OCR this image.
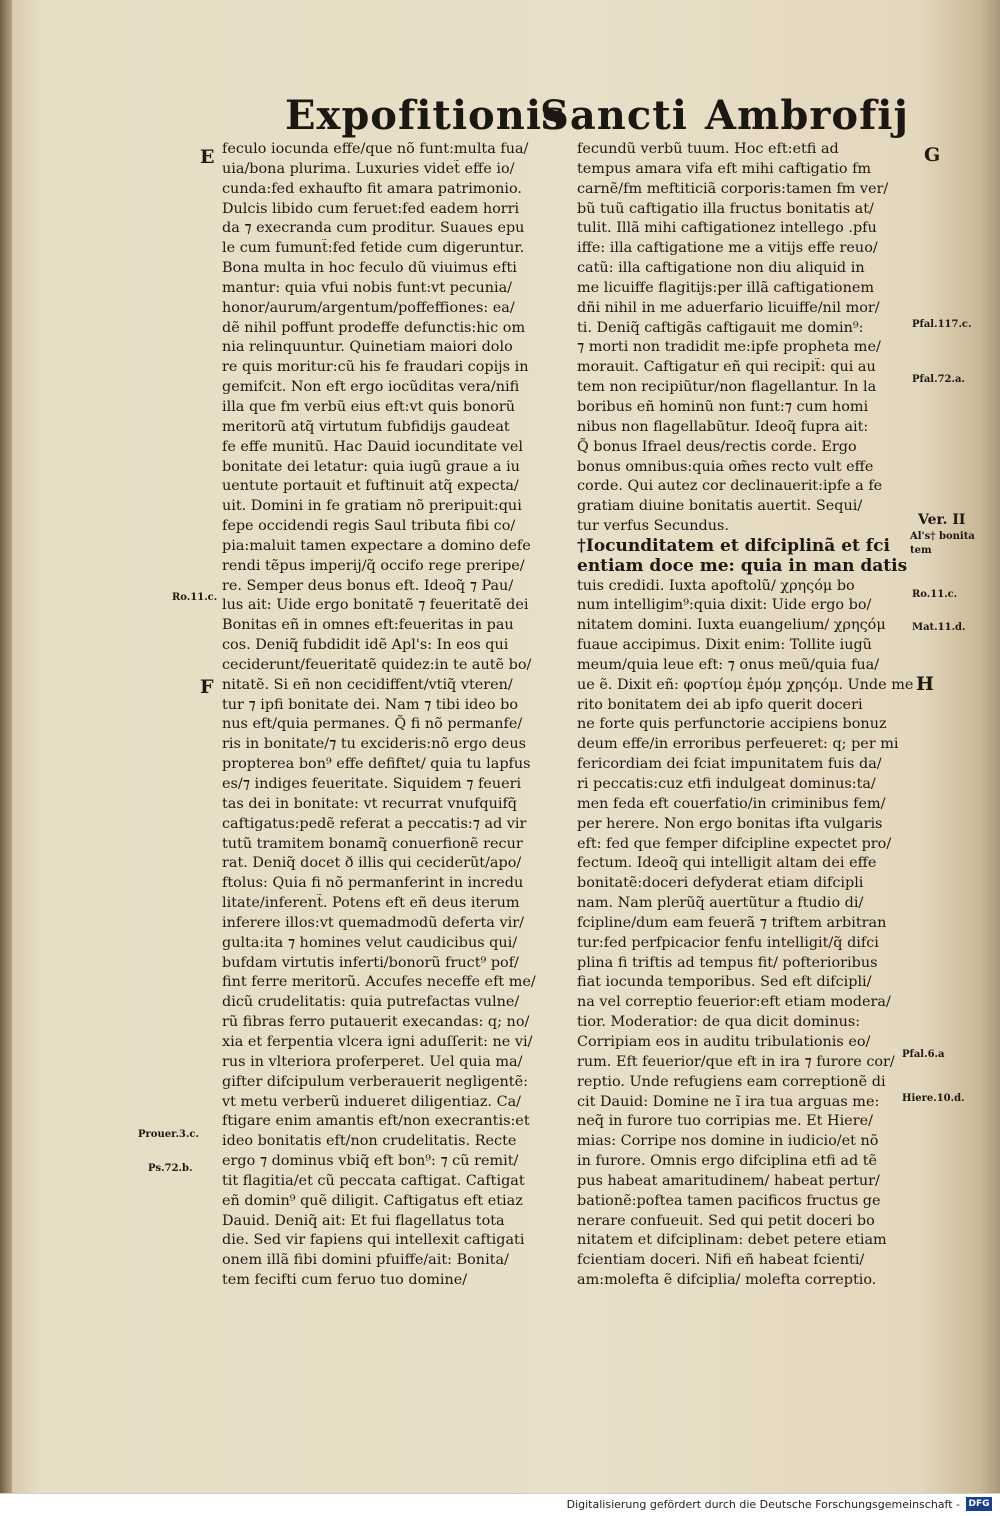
Expofitionis
Sancti Ambrofij
feculo iocunda effe/que nõ funt:multa fua/
uia/bona plurima. Luxuries videt̃ effe io/
cunda:fed exhaufto fit amara patrimonio.
Dulcis libido cum feruet:fed eadem horri
da ⁊ execranda cum proditur. Suaues epu
le cum fumunt̃:fed fetide cum digeruntur.
Bona multa in hoc feculo dũ viuimus efti
mantur: quia vfui nobis funt:vt pecunia/
honor/aurum/argentum/poffeffiones: ea/
dẽ nihil poffunt prodeffe defunctis:hic om
nia relinquuntur. Quinetiam maiori dolo
re quis moritur:cũ his fe fraudari copijs in
gemifcit. Non eft ergo iocũditas vera/nifi
illa que fm verbũ eius eft:vt quis bonorũ
meritorũ atq̃ virtutum fubfidijs gaudeat
fe effe munitũ. Hac Dauid iocunditate vel
bonitate dei letatur: quia iugũ graue a iu
uentute portauit et fuftinuit atq̃ expecta/
uit. Domini in fe gratiam nõ preripuit:qui
fepe occidendi regis Saul tributa fibi co/
pia:maluit tamen expectare a domino defe
rendi tẽpus imperij/q̃ occifo rege preripe/
re. Semper deus bonus eft. Ideoq̃ ⁊ Pau/
lus ait: Uide ergo bonitatẽ ⁊ feueritatẽ dei
Bonitas eñ in omnes eft:feueritas in pau
cos. Deniq̃ fubdidit idẽ Apl's: In eos qui
ceciderunt/feueritatẽ quidez:in te autẽ bo/
nitatẽ. Si eñ non cecidiffent/vtiq̃ vteren/
tur ⁊ ipfi bonitate dei. Nam ⁊ tibi ideo bo
nus eft/quia permanes. Q̃ fi nõ permanfe/
ris in bonitate/⁊ tu excideris:nõ ergo deus
propterea bon⁹ effe defiftet/ quia tu lapfus
es/⁊ indiges feueritate. Siquidem ⁊ feueri
tas dei in bonitate: vt recurrat vnufquifq̃
caftigatus:pedẽ referat a peccatis:⁊ ad vir
tutũ tramitem bonamq̃ conuerfionẽ recur
rat. Deniq̃ docet ð illis qui ceciderũt/apo/
ftolus: Quia fi nõ permanferint in incredu
litate/inferent̃. Potens eft eñ deus iterum
inferere illos:vt quemadmodũ deferta vir/
gulta:ita ⁊ homines velut caudicibus qui/
bufdam virtutis inferti/bonorũ fruct⁹ pof/
fint ferre meritorũ. Accufes neceffe eft me/
dicũ crudelitatis: quia putrefactas vulne/
rũ fibras ferro putauerit execandas: q; no/
xia et ferpentia vlcera igni aduſſerit: ne vi/
rus in vlteriora proferperet. Uel quia ma/
gifter difcipulum verberauerit negligentẽ:
vt metu verberũ indueret diligentiaz. Ca/
ftigare enim amantis eft/non execrantis:et
ideo bonitatis eft/non crudelitatis. Recte
ergo ⁊ dominus vbiq̃ eft bon⁹: ⁊ cũ remit/
tit flagitia/et cũ peccata caftigat. Caftigat
eñ domin⁹ quẽ diligit. Caftigatus eft etiaz
Dauid. Deniq̃ ait: Et fui flagellatus tota
die. Sed vir fapiens qui intellexit caftigati
onem illã fibi domini pfuiffe/ait: Bonita/
tem fecifti cum feruo tuo domine/
fecundũ verbũ tuum. Hoc eft:etfi ad
tempus amara vifa eft mihi caftigatio fm
carnẽ/fm meftiticiã corporis:tamen fm ver/
bũ tuũ caftigatio illa fructus bonitatis at/
tulit. Illã mihi caftigationez intellego .pfu
iffe: illa caftigatione me a vitijs effe reuo/
catũ: illa caftigatione non diu aliquid in
me licuiffe flagitijs:per illã caftigationem
dñi nihil in me aduerfario licuiffe/nil mor/
ti. Deniq̃ caftigãs caftigauit me domin⁹:
⁊ morti non tradidit me:ipfe propheta me/
morauit. Caftigatur eñ qui recipit̃: qui au
tem non recipiũtur/non flagellantur. In la
boribus eñ hominũ non funt:⁊ cum homi
nibus non flagellabũtur. Ideoq̃ fupra ait:
Q̃ bonus Ifrael deus/rectis corde. Ergo
bonus omnibus:quia om̃es recto vult effe
corde. Qui autez cor declinauerit:ipfe a fe
gratiam diuine bonitatis auertit. Sequi/
tur verfus Secundus.
†Iocunditatem et difciplinã et fci
entiam doce me: quia in man datis
tuis credidi. Iuxta apoftolũ/ χρηςόμ bo
num intelligim⁹:quia dixit: Uide ergo bo/
nitatem domini. Iuxta euangelium/ χρηςόμ
fuaue accipimus. Dixit enim: Tollite iugũ
meum/quia leue eft: ⁊ onus meũ/quia fua/
ue ẽ. Dixit eñ: φορτίομ ἐμόμ χρηςόμ. Unde me
rito bonitatem dei ab ipfo querit doceri
ne forte quis perfunctorie accipiens bonuz
deum effe/in erroribus perfeueret: q; per mi
fericordiam dei fciat impunitatem fuis da/
ri peccatis:cuz etfi indulgeat dominus:ta/
men feda eft couerfatio/in criminibus fem/
per herere. Non ergo bonitas ifta vulgaris
eft: fed que femper difcipline expectet pro/
fectum. Ideoq̃ qui intelligit altam dei effe
bonitatẽ:doceri defyderat etiam difcipli
nam. Nam plerũq̃ auertũtur a ftudio di/
fcipline/dum eam feuerã ⁊ triftem arbitran
tur:fed perfpicacior fenfu intelligit/q̃ difci
plina fi triftis ad tempus fit/ pofterioribus
fiat iocunda temporibus. Sed eft difcipli/
na vel correptio feuerior:eft etiam modera/
tior. Moderatior: de qua dicit dominus:
Corripiam eos in auditu tribulationis eo/
rum. Eft feuerior/que eft in ira ⁊ furore cor/
reptio. Unde refugiens eam correptionẽ di
cit Dauid: Domine ne ĩ ira tua arguas me:
neq̃ in furore tuo corripias me. Et Hiere/
mias: Corripe nos domine in iudicio/et nõ
in furore. Omnis ergo difciplina etfi ad tẽ
pus habeat amaritudinem/ habeat pertur/
bationẽ:poftea tamen pacificos fructus ge
nerare confueuit. Sed qui petit doceri bo
nitatem et difciplinam: debet petere etiam
fcientiam doceri. Nifi eñ habeat fcienti/
am:molefta ẽ difciplia/ molefta correptio.
E
F
Ro.11.c.
Prouer.3.c.
Ps.72.b.
G
H
Pfal.117.c.
Pfal.72.a.
Ver. II
Al's† bonita
tem
Ro.11.c.
Mat.11.d.
Pfal.6.a
Hiere.10.d.
Digitalisierung gefördert durch die Deutsche Forschungsgemeinschaft - DFG
